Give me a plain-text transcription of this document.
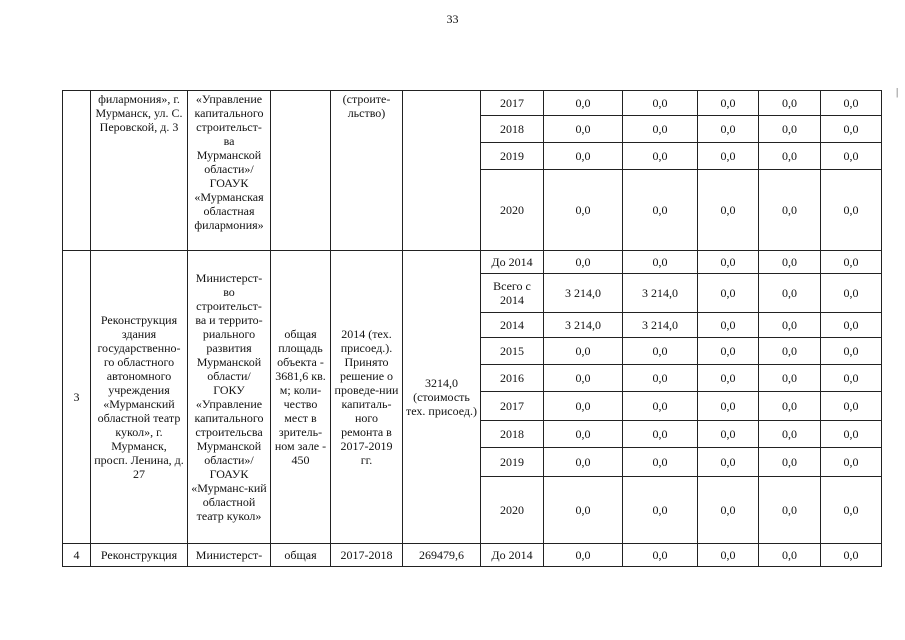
33
|
	филармония», г. Мурманск, ул. С. Перовской, д. 3	«Управление капитального строительст-ва Мурманской области»/ ГОАУК «Мурманская областная филармония»		(строите-льство)		2017	0,0	0,0	0,0	0,0	0,0
						2018	0,0	0,0	0,0	0,0	0,0
						2019	0,0	0,0	0,0	0,0	0,0
						2020	0,0	0,0	0,0	0,0	0,0
3	Реконструкция здания государственно-го областного автономного учреждения «Мурманский областной театр кукол», г. Мурманск, просп. Ленина, д. 27	Министерст-во строительст-ва и террито-риального развития Мурманской области/ ГОКУ «Управление капитального строительсва Мурманской области»/ ГОАУК «Мурманс-кий областной театр кукол»	общая площадь объекта - 3681,6 кв. м; коли-чество мест в зритель-ном зале - 450	2014 (тех. присоед.). Принято решение о проведе-нии капиталь-ного ремонта в 2017-2019 гг.	3214,0 (стоимость тех. присоед.)	До 2014	0,0	0,0	0,0	0,0	0,0
						Всего с 2014	3 214,0	3 214,0	0,0	0,0	0,0
						2014	3 214,0	3 214,0	0,0	0,0	0,0
						2015	0,0	0,0	0,0	0,0	0,0
						2016	0,0	0,0	0,0	0,0	0,0
						2017	0,0	0,0	0,0	0,0	0,0
						2018	0,0	0,0	0,0	0,0	0,0
						2019	0,0	0,0	0,0	0,0	0,0
						2020	0,0	0,0	0,0	0,0	0,0
4	Реконструкция	Министерст-	общая	2017-2018	269479,6	До 2014	0,0	0,0	0,0	0,0	0,0
